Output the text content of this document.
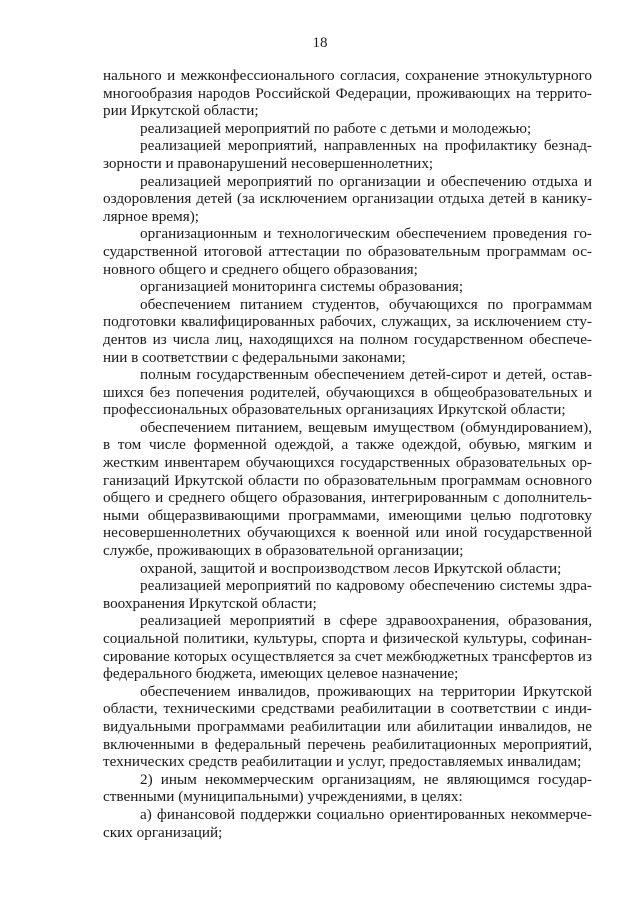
18
нального и межконфессионального согласия, сохранение этнокультурного
многообразия народов Российской Федерации, проживающих на террито-
рии Иркутской области;
реализацией мероприятий по работе с детьми и молодежью;
реализацией мероприятий, направленных на профилактику безнад-
зорности и правонарушений несовершеннолетних;
реализацией мероприятий по организации и обеспечению отдыха и
оздоровления детей (за исключением организации отдыха детей в канику-
лярное время);
организационным и технологическим обеспечением проведения го-
сударственной итоговой аттестации по образовательным программам ос-
новного общего и среднего общего образования;
организацией мониторинга системы образования;
обеспечением питанием студентов, обучающихся по программам
подготовки квалифицированных рабочих, служащих, за исключением сту-
дентов из числа лиц, находящихся на полном государственном обеспече-
нии в соответствии с федеральными законами;
полным государственным обеспечением детей-сирот и детей, остав-
шихся без попечения родителей, обучающихся в общеобразовательных и
профессиональных образовательных организациях Иркутской области;
обеспечением питанием, вещевым имуществом (обмундированием),
в том числе форменной одеждой, а также одеждой, обувью, мягким и
жестким инвентарем обучающихся государственных образовательных ор-
ганизаций Иркутской области по образовательным программам основного
общего и среднего общего образования, интегрированным с дополнитель-
ными общеразвивающими программами, имеющими целью подготовку
несовершеннолетних обучающихся к военной или иной государственной
службе, проживающих в образовательной организации;
охраной, защитой и воспроизводством лесов Иркутской области;
реализацией мероприятий по кадровому обеспечению системы здра-
воохранения Иркутской области;
реализацией мероприятий в сфере здравоохранения, образования,
социальной политики, культуры, спорта и физической культуры, софинан-
сирование которых осуществляется за счет межбюджетных трансфертов из
федерального бюджета, имеющих целевое назначение;
обеспечением инвалидов, проживающих на территории Иркутской
области, техническими средствами реабилитации в соответствии с инди-
видуальными программами реабилитации или абилитации инвалидов, не
включенными в федеральный перечень реабилитационных мероприятий,
технических средств реабилитации и услуг, предоставляемых инвалидам;
2) иным некоммерческим организациям, не являющимся государ-
ственными (муниципальными) учреждениями, в целях:
а) финансовой поддержки социально ориентированных некоммерче-
ских организаций;
